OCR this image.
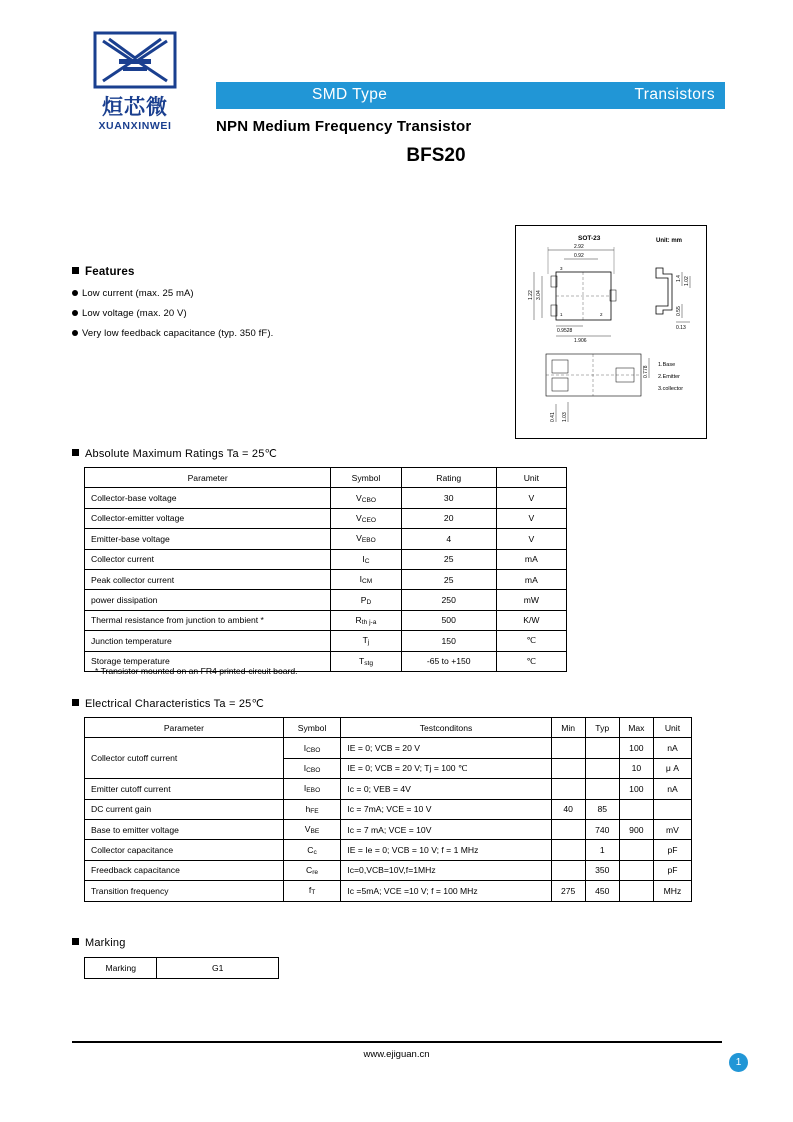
烜芯微
XUANXINWEI
SMD Type	Transistors
NPN Medium Frequency Transistor
BFS20
Features
Low current (max. 25 mA)
Low voltage (max. 20 V)
Very low feedback capacitance (typ. 350 fF).
SOT-23	Unit: mm
2.92
0.92
3
1	2
3.04
1.22
0.9528
1.906
1.4 1.02
0.55
0.13
0.778
0.41 1.03
1.Base
2.Emitter
3.collector
Absolute Maximum Ratings Ta = 25℃
Parameter	Symbol	Rating	Unit
Collector-base voltage	VCBO	30	V
Collector-emitter voltage	VCEO	20	V
Emitter-base voltage	VEBO	4	V
Collector current	IC	25	mA
Peak collector current	ICM	25	mA
power dissipation	PD	250	mW
Thermal resistance from junction to ambient *	Rth j-a	500	K/W
Junction temperature	Tj	150	℃
Storage temperature	Tstg	-65 to +150	℃
* Transistor mounted on an FR4 printed-circuit board.
Electrical Characteristics Ta = 25℃
Parameter	Symbol	Testconditons	Min	Typ	Max	Unit
Collector cutoff current	ICBO	IE = 0; VCB = 20 V			100	nA
	ICBO	IE = 0; VCB = 20 V; Tj = 100 ℃			10	μ A
Emitter cutoff current	IEBO	Ic = 0; VEB = 4V			100	nA
DC current gain	hFE	Ic = 7mA; VCE = 10 V	40	85		
Base to emitter voltage	VBE	Ic = 7 mA; VCE = 10V		740	900	mV
Collector capacitance	Cc	IE = Ie = 0; VCB = 10 V; f = 1 MHz		1		pF
Freedback capacitance	Cre	Ic=0,VCB=10V,f=1MHz		350		pF
Transition frequency	fT	Ic =5mA; VCE =10 V; f = 100 MHz	275	450		MHz
Marking
Marking	G1
www.ejiguan.cn
1
